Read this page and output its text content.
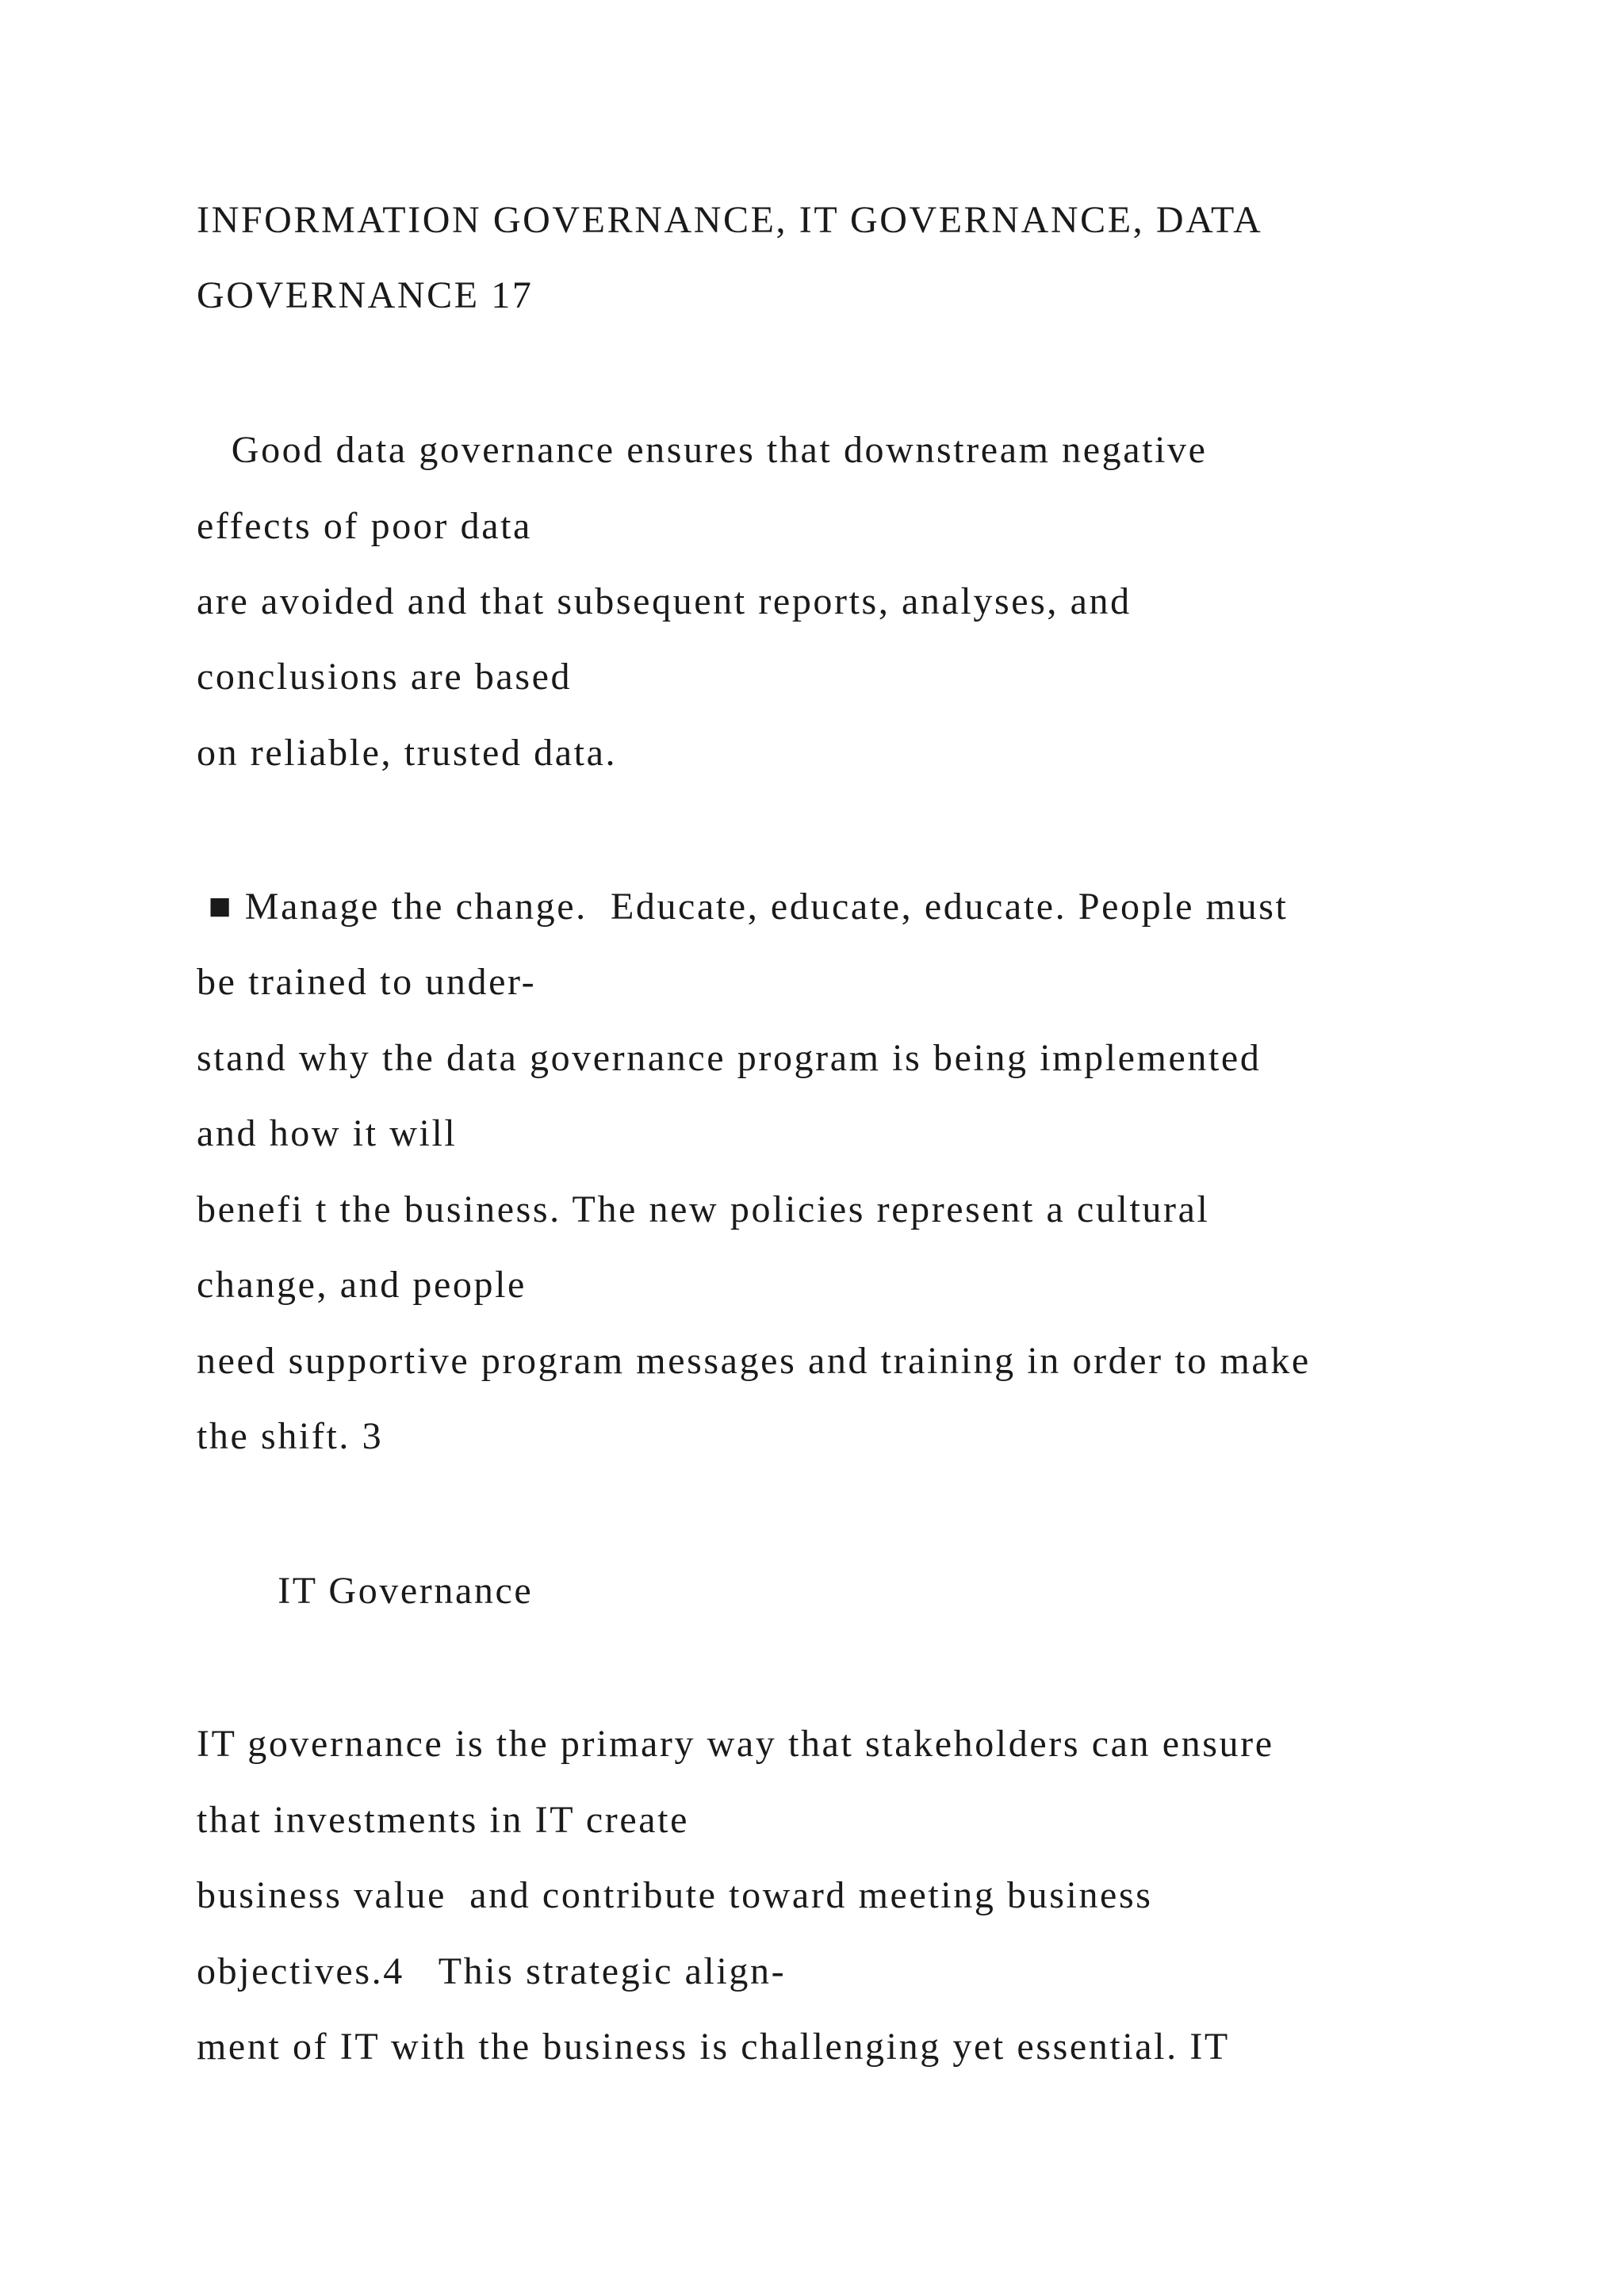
INFORMATION GOVERNANCE, IT GOVERNANCE, DATA
GOVERNANCE 17
Good data governance ensures that downstream negative
effects of poor data
are avoided and that subsequent reports, analyses, and
conclusions are based
on reliable, trusted data.
■ Manage the change.  Educate, educate, educate. People must
be trained to under-
stand why the data governance program is being implemented
and how it will
benefi t the business. The new policies represent a cultural
change, and people
need supportive program messages and training in order to make
the shift. 3
IT Governance
IT governance is the primary way that stakeholders can ensure
that investments in IT create
business value  and contribute toward meeting business
objectives.4   This strategic align-
ment of IT with the business is challenging yet essential. IT
